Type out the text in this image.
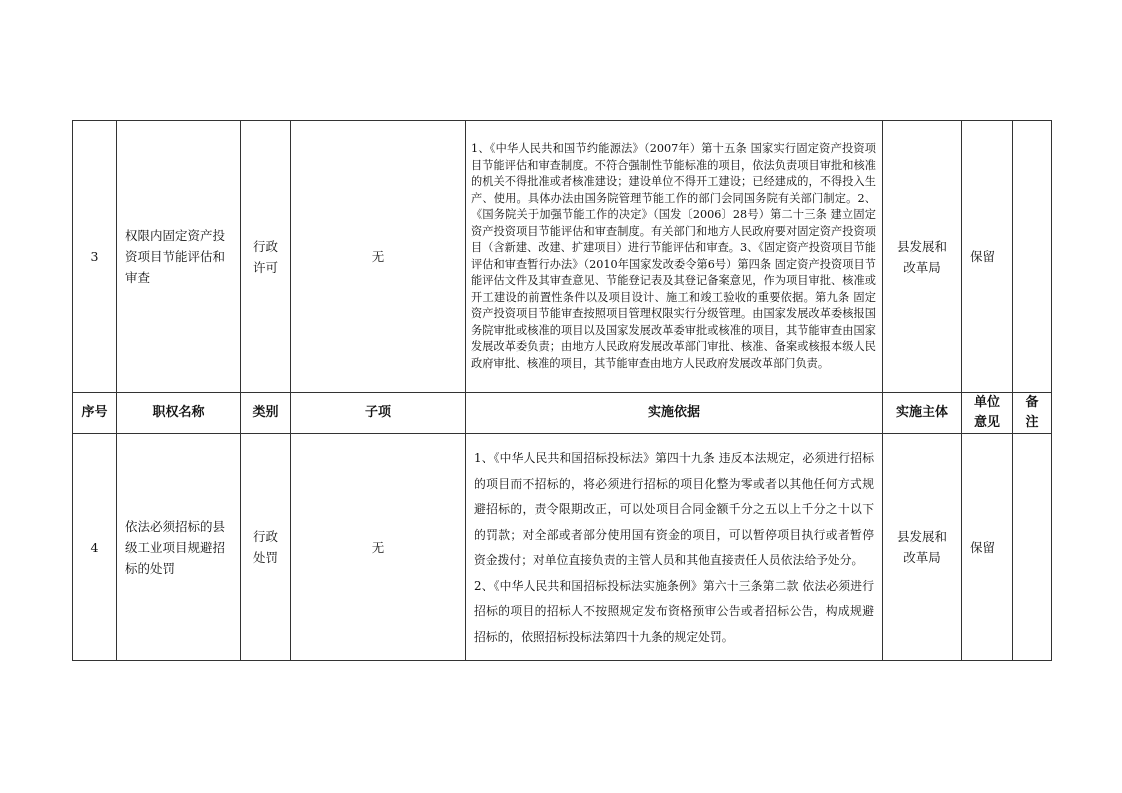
3	权限内固定资产投资项目节能评估和审查	行政许可	无	1、《中华人民共和国节约能源法》（2007年）第十五条 国家实行固定资产投资项目节能评估和审查制度。不符合强制性节能标准的项目，依法负责项目审批和核准的机关不得批准或者核准建设；建设单位不得开工建设；已经建成的，不得投入生产、使用。具体办法由国务院管理节能工作的部门会同国务院有关部门制定。2、《国务院关于加强节能工作的决定》（国发〔2006〕28号）第二十三条 建立固定资产投资项目节能评估和审查制度。有关部门和地方人民政府要对固定资产投资项目（含新建、改建、扩建项目）进行节能评估和审查。3、《固定资产投资项目节能评估和审查暂行办法》（2010年国家发改委令第6号）第四条 固定资产投资项目节能评估文件及其审查意见、节能登记表及其登记备案意见，作为项目审批、核准或开工建设的前置性条件以及项目设计、施工和竣工验收的重要依据。第九条 固定资产投资项目节能审查按照项目管理权限实行分级管理。由国家发展改革委核报国务院审批或核准的项目以及国家发展改革委审批或核准的项目，其节能审查由国家发展改革委负责；由地方人民政府发展改革部门审批、核准、备案或核报本级人民政府审批、核准的项目，其节能审查由地方人民政府发展改革部门负责。	县发展和改革局	保留	
序号	职权名称	类别	子项	实施依据	实施主体	单位意见	备注

4	依法必须招标的县级工业项目规避招标的处罚	行政处罚	无	1、《中华人民共和国招标投标法》第四十九条 违反本法规定，必须进行招标的项目而不招标的，将必须进行招标的项目化整为零或者以其他任何方式规避招标的，责令限期改正，可以处项目合同金额千分之五以上千分之十以下的罚款；对全部或者部分使用国有资金的项目，可以暂停项目执行或者暂停资金拨付；对单位直接负责的主管人员和其他直接责任人员依法给予处分。
2、《中华人民共和国招标投标法实施条例》第六十三条第二款 依法必须进行招标的项目的招标人不按照规定发布资格预审公告或者招标公告，构成规避招标的，依照招标投标法第四十九条的规定处罚。	县发展和改革局	保留	
